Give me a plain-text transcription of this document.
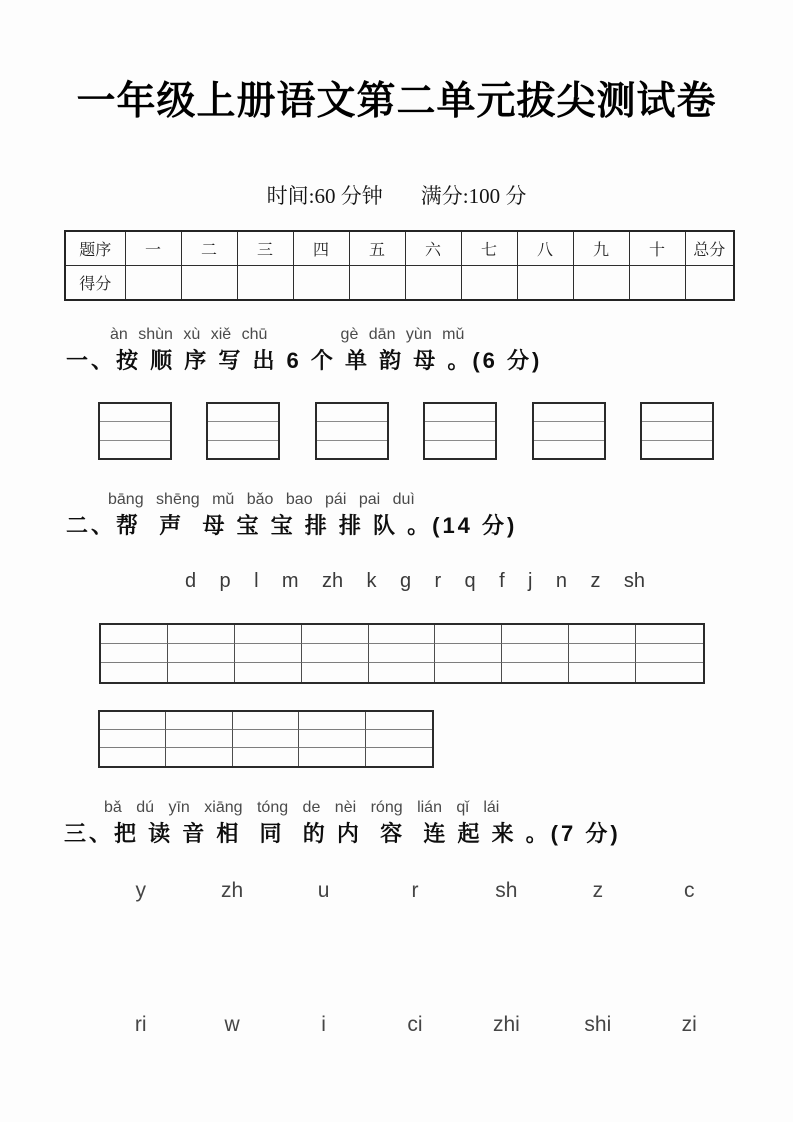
一年级上册语文第二单元拔尖测试卷
时间:60 分钟 满分:100 分
题序	一	二	三	四	五	六	七	八	九	十	总分
得分											
àn shùn xù xiě chū       gè dān yùn mǔ
一、按 顺 序 写 出 6 个 单 韵 母 。(6 分)
bāng shēng mǔ bǎo bao pái pai duì
二、帮  声  母 宝 宝 排 排 队 。(14 分)
d p l m zh k g r q f j n z sh
bǎ dú yīn xiāng tóng de nèi róng lián qǐ lái
三、把 读 音 相  同  的 内  容  连 起 来 。(7 分)
y	zh	u	r	sh	z	c
ri	w	i	ci	zhi	shi	zi
